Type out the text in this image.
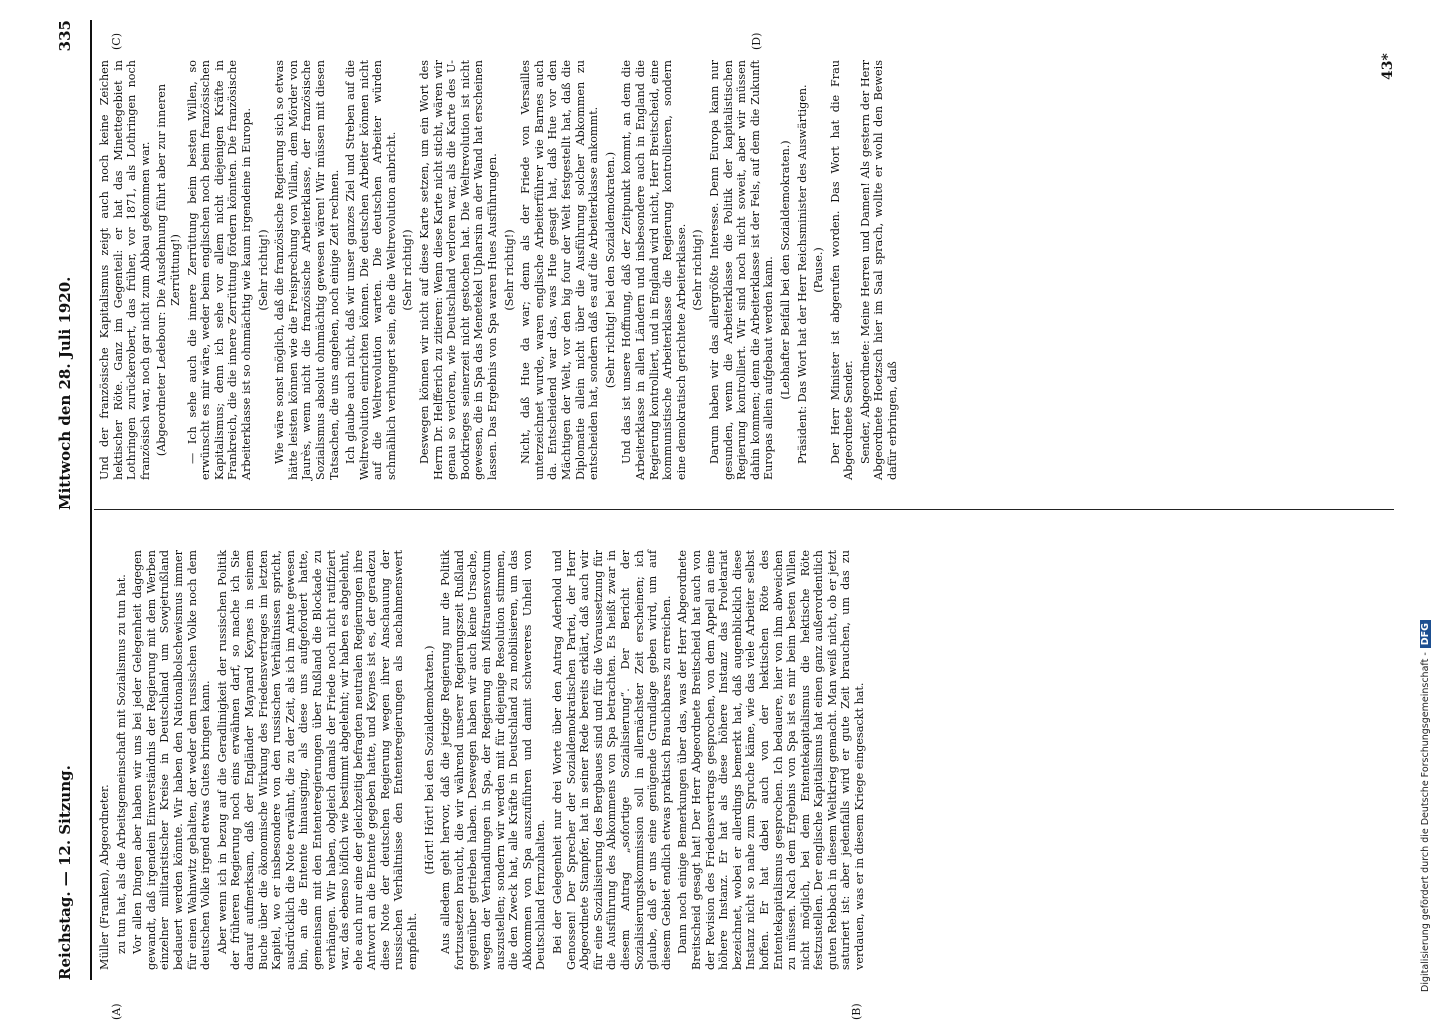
Reichstag. — 12. Sitzung.
Mittwoch den 28. Juli 1920.
335

Müller (Franken), Abgeordneter. zu tun hat, als die Arbeitsgemeinschaft mit Sozialismus zu tun hat. Vor allen Dingen aber haben wir uns bei jeder Gelegenheit dagegen gewandt, daß irgendein Einverständnis der Regierung mit dem Werben einzelner militaristischer Kreise in Deutschland um Sowjetrußland bedauert werden könnte. Wir haben den Nationalbolschewismus immer für einen Wahnwitz gehalten, der weder dem russischen Volke noch dem deutschen Volke irgend etwas Gutes bringen kann. Aber wenn ich in bezug auf die Geradlinigkeit der russischen Politik der früheren Regierung noch eins erwähnen darf, so mache ich Sie darauf aufmerksam, daß der Engländer Maynard Keynes in seinem Buche über die ökonomische Wirkung des Friedensvertrages im letzten Kapitel, wo er insbesondere von den russischen Verhältnissen spricht, ausdrücklich die Note erwähnt, die zu der Zeit, als ich im Amte gewesen bin, an die Entente hinausging, als diese uns aufgefordert hatte, gemeinsam mit den Ententeregierungen über Rußland die Blockade zu verhängen. Wir haben, obgleich damals der Friede noch nicht ratifiziert war, das ebenso höflich wie bestimmt abgelehnt; wir haben es abgelehnt, ehe auch nur eine der gleichzeitig befragten neutralen Regierungen ihre Antwort an die Entente gegeben hatte, und Keynes ist es, der geradezu diese Note der deutschen Regierung wegen ihrer Anschauung der russischen Verhältnisse den Ententeregierungen als nachahmenswert empfiehlt.

(Hört! Hört! bei den Sozialdemokraten.) Aus alledem geht hervor, daß die jetzige Regierung nur die Politik fortzusetzen braucht, die wir während unserer Regierungszeit Rußland gegenüber getrieben haben. Deswegen haben wir auch keine Ursache, wegen der Verhandlungen in Spa, der Regierung ein Mißtrauensvotum auszustellen; sondern wir werden mit für diejenige Resolution stimmen, die den Zweck hat, alle Kräfte in Deutschland zu mobilisieren, um das Abkommen von Spa auszuführen und damit schwereres Unheil von Deutschland fernzuhalten. Bei der Gelegenheit nur drei Worte über den Antrag Aderhold und Genossen! Der Sprecher der Sozialdemokratischen Partei, der Herr Abgeordnete Stampfer, hat in seiner Rede bereits erklärt, daß auch wir für eine Sozialisierung des Bergbaues sind und für die Voraussetzung für die Ausführung des Abkommens von Spa betrachten. Es heißt zwar in diesem Antrag „sofortige Sozialisierung“. Der Bericht der Sozialisierungskommission soll in allernächster Zeit erscheinen; ich glaube, daß er uns eine genügende Grundlage geben wird, um auf diesem Gebiet endlich etwas praktisch Brauchbares zu erreichen. Dann noch einige Bemerkungen über das, was der Herr Abgeordnete Breitscheid gesagt hat! Der Herr Abgeordnete Breitscheid hat auch von der Revision des Friedensvertrags gesprochen, von dem Appell an eine höhere Instanz. Er hat als diese höhere Instanz das Proletariat bezeichnet, wobei er allerdings bemerkt hat, daß augenblicklich diese Instanz nicht so nahe zum Spruche käme, wie das viele Arbeiter selbst hoffen. Er hat dabei auch von der hektischen Röte des Ententekapitalismus gesprochen. Ich bedauere, hier von ihm abweichen zu müssen. Nach dem Ergebnis von Spa ist es mir beim besten Willen nicht möglich, bei dem Ententekapitalismus die hektische Röte festzustellen. Der englische Kapitalismus hat einen ganz außerordentlich guten Rebbach in diesem Weltkrieg gemacht. Man weiß nicht, ob er jetzt saturiert ist: aber jedenfalls wird er gute Zeit brauchen, um das zu verdauen, was er in diesem Kriege eingesackt hat.

Und der französische Kapitalismus zeigt auch noch keine Zeichen hektischer Röte. Ganz im Gegenteil: er hat das Minettegebiet in Lothringen zurückerobert, das früher, vor 1871, als Lothringen noch französisch war, noch gar nicht zum Abbau gekommen war. (Abgeordneter Ledebour: Die Ausdehnung führt aber zur inneren Zerrüttung!) — Ich sehe auch die innere Zerrüttung beim besten Willen, so erwünscht es mir wäre, weder beim englischen noch beim französischen Kapitalismus; denn ich sehe vor allem nicht diejenigen Kräfte in Frankreich, die die innere Zerrüttung fördern könnten. Die französische Arbeiterklasse ist so ohnmächtig wie kaum irgendeine in Europa. (Sehr richtig!) Wie wäre sonst möglich, daß die französische Regierung sich so etwas hätte leisten können wie die Freisprechung von Villain, dem Mörder von Jaurès, wenn nicht die französische Arbeiterklasse, der französische Sozialismus absolut ohnmächtig gewesen wären! Wir müssen mit diesen Tatsachen, die uns angehen, noch einige Zeit rechnen. Ich glaube auch nicht, daß wir unser ganzes Ziel und Streben auf die Weltrevolution einrichten können. Die deutschen Arbeiter können nicht auf die Weltrevolution warten. Die deutschen Arbeiter würden schmählich verhungert sein, ehe die Weltrevolution anbricht. (Sehr richtig!) Deswegen können wir nicht auf diese Karte setzen, um ein Wort des Herrn Dr. Helfferich zu zitieren: Wenn diese Karte nicht sticht, wären wir genau so verloren, wie Deutschland verloren war, als die Karte des U-Bootkrieges seinerzeit nicht gestochen hat. Die Weltrevolution ist nicht gewesen, die in Spa das Menetekel Upharsin an der Wand hat erscheinen lassen. Das Ergebnis von Spa waren Hues Ausführungen. (Sehr richtig!) Nicht, daß Hue da war; denn als der Friede von Versailles unterzeichnet wurde, waren englische Arbeiterführer wie Barnes auch da. Entscheidend war das, was Hue gesagt hat, daß Hue vor den Mächtigen der Welt, vor den big four der Welt festgestellt hat, daß die Diplomatie allein nicht über die Ausführung solcher Abkommen zu entscheiden hat, sondern daß es auf die Arbeiterklasse ankommt. (Sehr richtig! bei den Sozialdemokraten.) Und das ist unsere Hoffnung, daß der Zeitpunkt kommt, an dem die Arbeiterklasse in allen Ländern und insbesondere auch in England die Regierung kontrolliert, und in England wird nicht, Herr Breitscheid, eine kommunistische Arbeiterklasse die Regierung kontrollieren, sondern eine demokratisch gerichtete Arbeiterklasse. (Sehr richtig!) Darum haben wir das allergrößte Interesse. Denn Europa kann nur gesunden, wenn die Arbeiterklasse die Politik der kapitalistischen Regierung kontrolliert. Wir sind noch nicht soweit, aber wir müssen dahin kommen; denn die Arbeiterklasse ist der Fels, auf dem die Zukunft Europas allein aufgebaut werden kann. (Lebhafter Beifall bei den Sozialdemokraten.) Präsident: Das Wort hat der Herr Reichsminister des Auswärtigen. (Pause.) Der Herr Minister ist abgerufen worden. Das Wort hat die Frau Abgeordnete Sender. Sender, Abgeordnete: Meine Herren und Damen! Als gestern der Herr Abgeordnete Hoetzsch hier im Saal sprach, wollte er wohl den Beweis dafür erbringen, daß

(A)	(B)
(C)	(D)
43*
Digitalisierung gefördert durch die Deutsche Forschungsgemeinschaft -DFG
